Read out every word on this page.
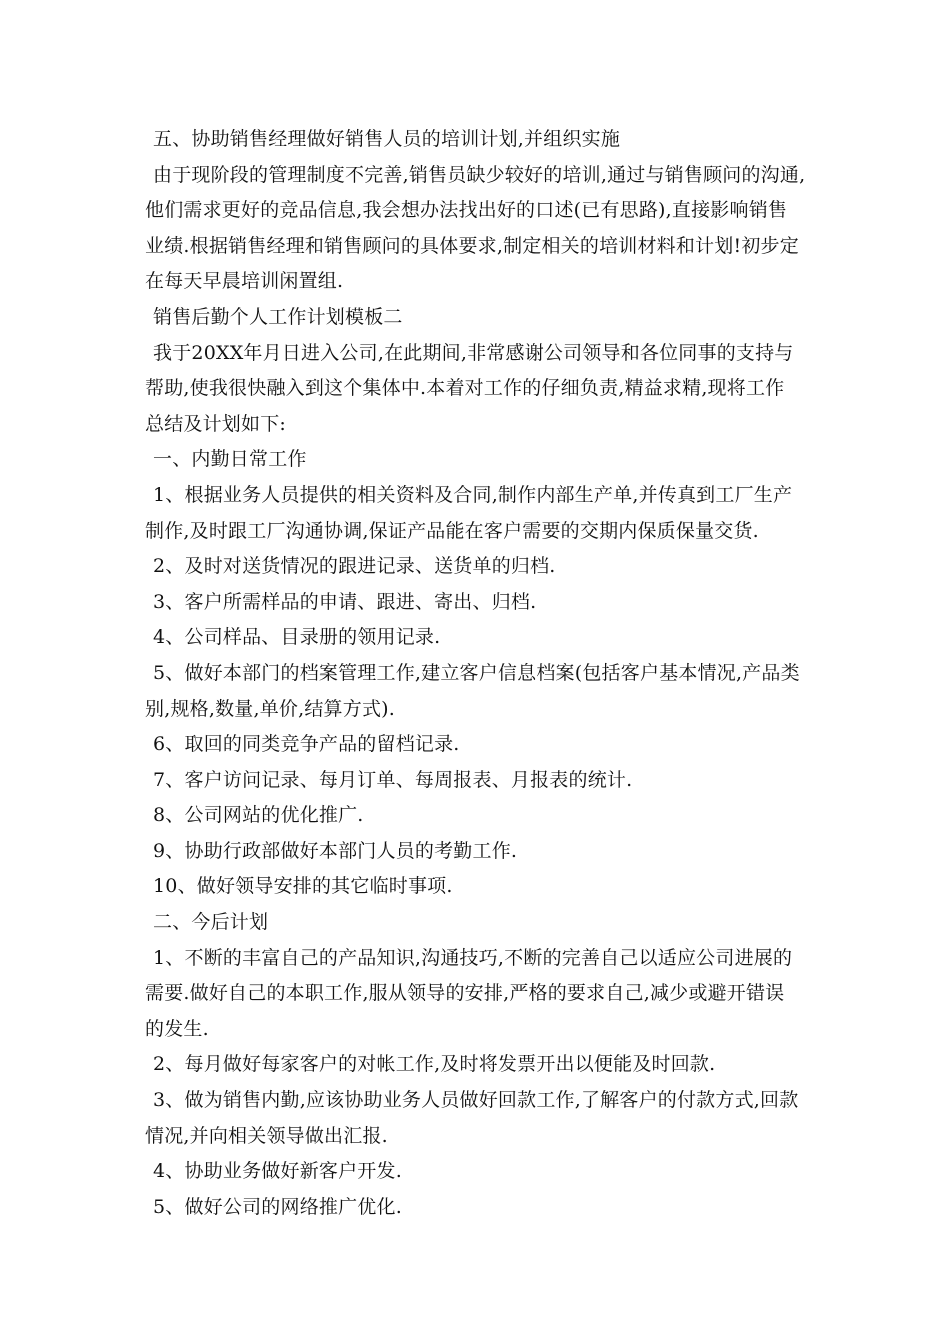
五、协助销售经理做好销售人员的培训计划,并组织实施
由于现阶段的管理制度不完善,销售员缺少较好的培训,通过与销售顾问的沟通,
他们需求更好的竞品信息,我会想办法找出好的口述(已有思路),直接影响销售
业绩.根据销售经理和销售顾问的具体要求,制定相关的培训材料和计划!初步定
在每天早晨培训闲置组.
销售后勤个人工作计划模板二
我于20XX年月日进入公司,在此期间,非常感谢公司领导和各位同事的支持与
帮助,使我很快融入到这个集体中.本着对工作的仔细负责,精益求精,现将工作
总结及计划如下:
一、内勤日常工作
1、根据业务人员提供的相关资料及合同,制作内部生产单,并传真到工厂生产
制作,及时跟工厂沟通协调,保证产品能在客户需要的交期内保质保量交货.
2、及时对送货情况的跟进记录、送货单的归档.
3、客户所需样品的申请、跟进、寄出、归档.
4、公司样品、目录册的领用记录.
5、做好本部门的档案管理工作,建立客户信息档案(包括客户基本情况,产品类
别,规格,数量,单价,结算方式).
6、取回的同类竞争产品的留档记录.
7、客户访问记录、每月订单、每周报表、月报表的统计.
8、公司网站的优化推广.
9、协助行政部做好本部门人员的考勤工作.
10、做好领导安排的其它临时事项.
二、今后计划
1、不断的丰富自己的产品知识,沟通技巧,不断的完善自己以适应公司进展的
需要.做好自己的本职工作,服从领导的安排,严格的要求自己,减少或避开错误
的发生.
2、每月做好每家客户的对帐工作,及时将发票开出以便能及时回款.
3、做为销售内勤,应该协助业务人员做好回款工作,了解客户的付款方式,回款
情况,并向相关领导做出汇报.
4、协助业务做好新客户开发.
5、做好公司的网络推广优化.
